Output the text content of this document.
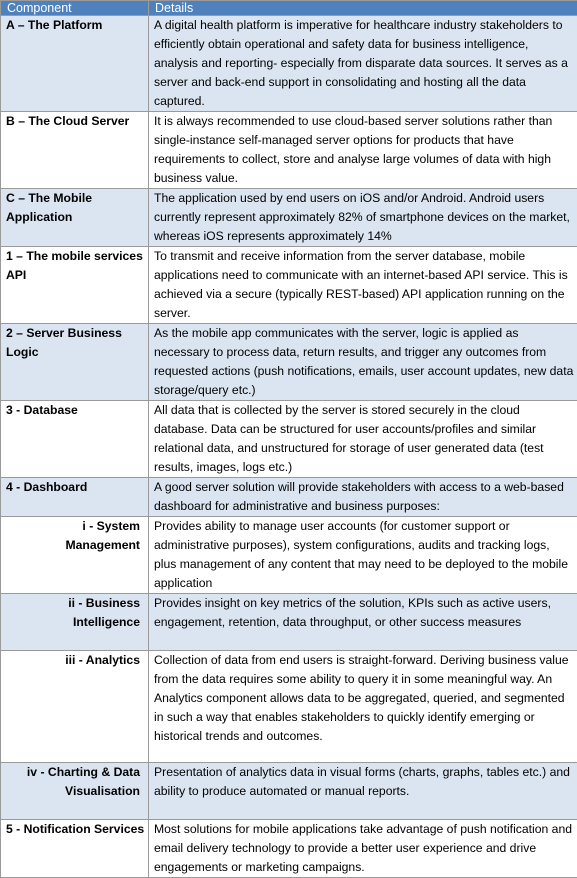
Component	Details
A – The Platform	A digital health platform is imperative for healthcare industry stakeholders to efficiently obtain operational and safety data for business intelligence, analysis and reporting- especially from disparate data sources. It serves as a server and back-end support in consolidating and hosting all the data captured.
B – The Cloud Server	It is always recommended to use cloud-based server solutions rather than single-instance self-managed server options for products that have requirements to collect, store and analyse large volumes of data with high business value.
C – The Mobile Application	The application used by end users on iOS and/or Android. Android users currently represent approximately 82% of smartphone devices on the market, whereas iOS represents approximately 14%
1 – The mobile services API	To transmit and receive information from the server database, mobile applications need to communicate with an internet-based API service. This is achieved via a secure (typically REST-based) API application running on the server.
2 – Server Business Logic	As the mobile app communicates with the server, logic is applied as necessary to process data, return results, and trigger any outcomes from requested actions (push notifications, emails, user account updates, new data storage/query etc.)
3 - Database	All data that is collected by the server is stored securely in the cloud database. Data can be structured for user accounts/profiles and similar relational data, and unstructured for storage of user generated data (test results, images, logs etc.)
4 - Dashboard	A good server solution will provide stakeholders with access to a web-based dashboard for administrative and business purposes:
i - System Management	Provides ability to manage user accounts (for customer support or administrative purposes), system configurations, audits and tracking logs, plus management of any content that may need to be deployed to the mobile application
ii - Business Intelligence	Provides insight on key metrics of the solution, KPIs such as active users, engagement, retention, data throughput, or other success measures
iii - Analytics	Collection of data from end users is straight-forward. Deriving business value from the data requires some ability to query it in some meaningful way. An Analytics component allows data to be aggregated, queried, and segmented in such a way that enables stakeholders to quickly identify emerging or historical trends and outcomes.
iv - Charting & Data Visualisation	Presentation of analytics data in visual forms (charts, graphs, tables etc.) and ability to produce automated or manual reports.
5 - Notification Services	Most solutions for mobile applications take advantage of push notification and email delivery technology to provide a better user experience and drive engagements or marketing campaigns.
